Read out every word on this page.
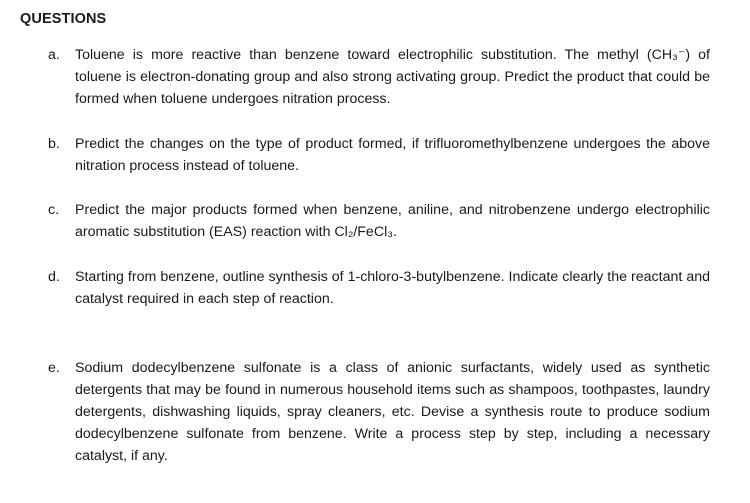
QUESTIONS
a.	Toluene is more reactive than benzene toward electrophilic substitution. The methyl (CH₃⁻) of toluene is electron-donating group and also strong activating group. Predict the product that could be formed when toluene undergoes nitration process.
b.	Predict the changes on the type of product formed, if trifluoromethylbenzene undergoes the above nitration process instead of toluene.
c.	Predict the major products formed when benzene, aniline, and nitrobenzene undergo electrophilic aromatic substitution (EAS) reaction with Cl₂/FeCl₃.
d.	Starting from benzene, outline synthesis of 1-chloro-3-butylbenzene. Indicate clearly the reactant and catalyst required in each step of reaction.
e.	Sodium dodecylbenzene sulfonate is a class of anionic surfactants, widely used as synthetic detergents that may be found in numerous household items such as shampoos, toothpastes, laundry detergents, dishwashing liquids, spray cleaners, etc. Devise a synthesis route to produce sodium dodecylbenzene sulfonate from benzene. Write a process step by step, including a necessary catalyst, if any.
